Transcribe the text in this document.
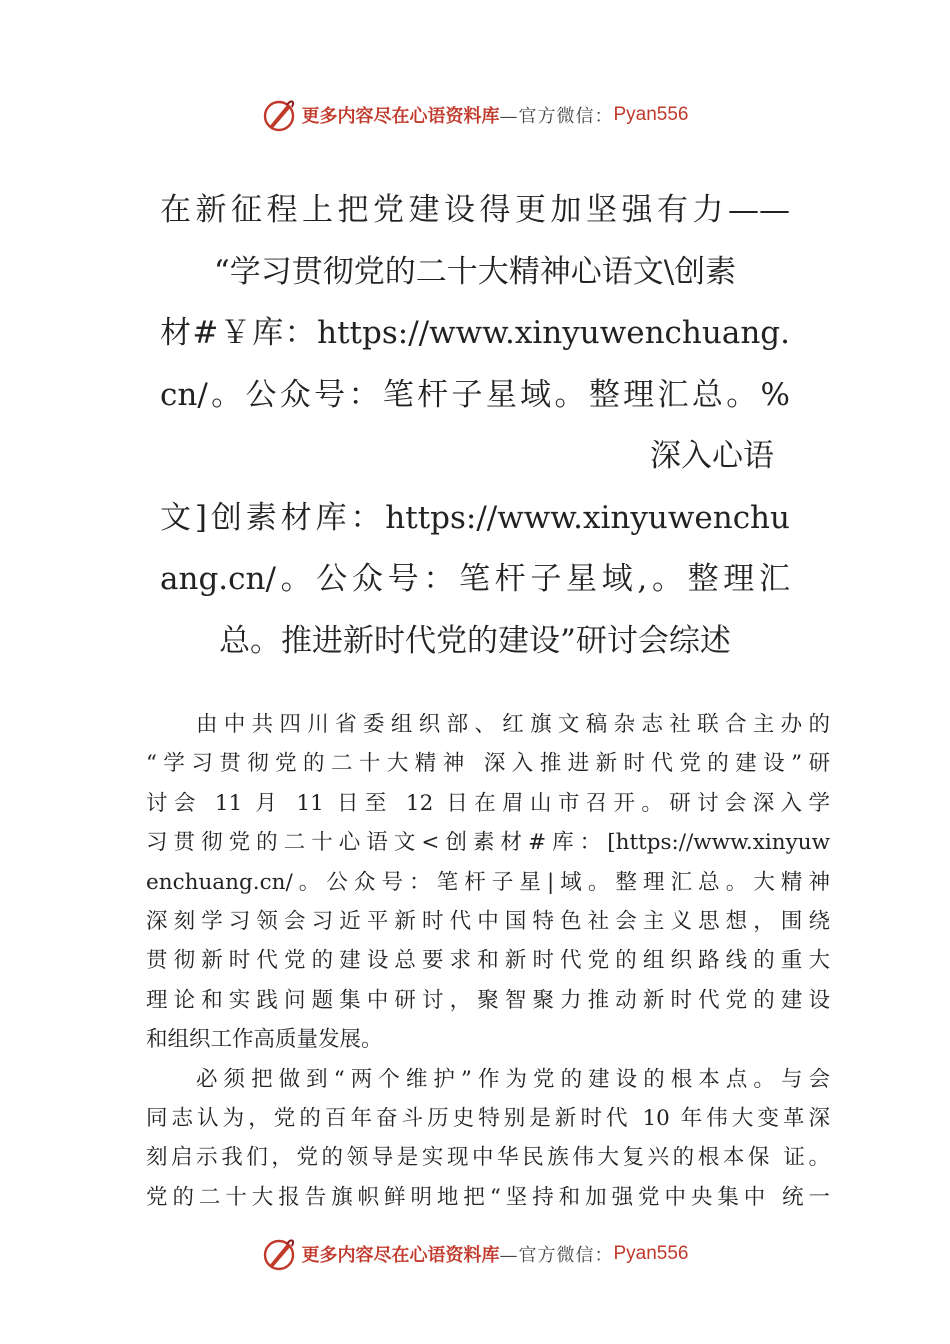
更多内容尽在心语资料库 —官方微信： Pyan556
在新征程上把党建设得更加坚强有力——
“学习贯彻党的二十大精神心语文\创素
材#￥库：https://www.xinyuwenchuang.
cn/。公众号：笔杆子星域。整理汇总。%
深入心语
文]创素材库：https://www.xinyuwenchu
ang.cn/。公众号：笔杆子星域,。整理汇
总。推进新时代党的建设”研讨会综述
由中共四川省委组织部、红旗文稿杂志社联合主办的
“学习贯彻党的二十大精神 深入推进新时代党的建设”研
讨会 11 月 11 日至 12 日在眉山市召开。研讨会深入学
习贯彻党的二十心语文<创素材#库：[https://www.xinyuw
enchuang.cn/。公众号：笔杆子星|域。整理汇总。大精神
深刻学习领会习近平新时代中国特色社会主义思想，围绕
贯彻新时代党的建设总要求和新时代党的组织路线的重大
理论和实践问题集中研讨，聚智聚力推动新时代党的建设
和组织工作高质量发展。
必须把做到“两个维护”作为党的建设的根本点。与会
同志认为，党的百年奋斗历史特别是新时代 10 年伟大变革深
刻启示我们，党的领导是实现中华民族伟大复兴的根本保 证。
党的二十大报告旗帜鲜明地把“坚持和加强党中央集中 统一
更多内容尽在心语资料库 —官方微信： Pyan556
